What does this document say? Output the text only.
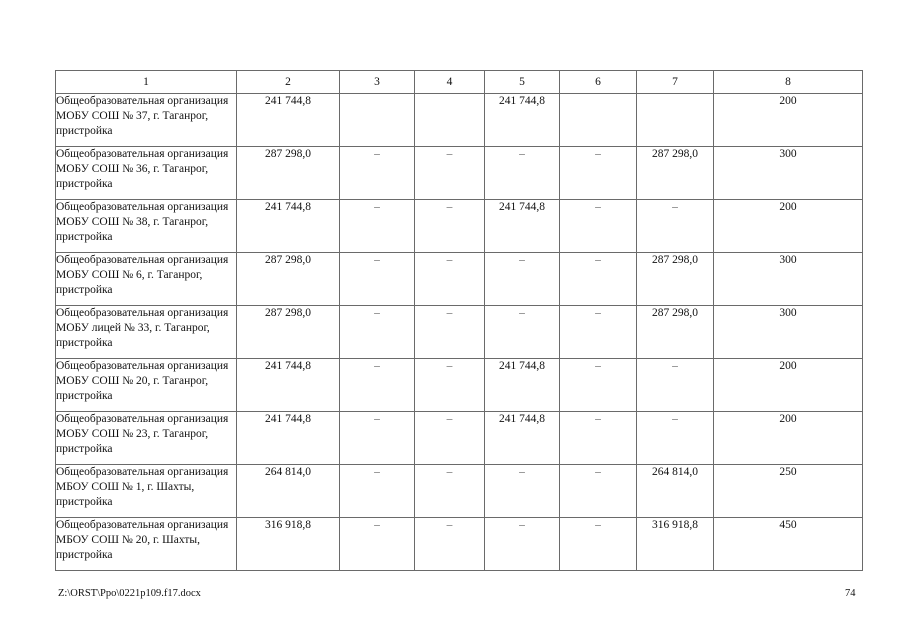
1	2	3	4	5	6	7	8
Общеобразовательная организация МОБУ СОШ № 37, г. Таганрог, пристройка	241 744,8			241 744,8			200
Общеобразовательная организация МОБУ СОШ № 36, г. Таганрог, пристройка	287 298,0	–	–	–	–	287 298,0	300
Общеобразовательная организация МОБУ СОШ № 38, г. Таганрог, пристройка	241 744,8	–	–	241 744,8	–	–	200
Общеобразовательная организация МОБУ СОШ № 6, г. Таганрог, пристройка	287 298,0	–	–	–	–	287 298,0	300
Общеобразовательная организация МОБУ лицей № 33, г. Таганрог, пристройка	287 298,0	–	–	–	–	287 298,0	300
Общеобразовательная организация МОБУ СОШ № 20, г. Таганрог, пристройка	241 744,8	–	–	241 744,8	–	–	200
Общеобразовательная организация МОБУ СОШ № 23, г. Таганрог, пристройка	241 744,8	–	–	241 744,8	–	–	200
Общеобразовательная организация МБОУ СОШ № 1, г. Шахты, пристройка	264 814,0	–	–	–	–	264 814,0	250
Общеобразовательная организация МБОУ СОШ № 20, г. Шахты, пристройка	316 918,8	–	–	–	–	316 918,8	450
Z:\ORST\Ppo\0221p109.f17.docx	74
